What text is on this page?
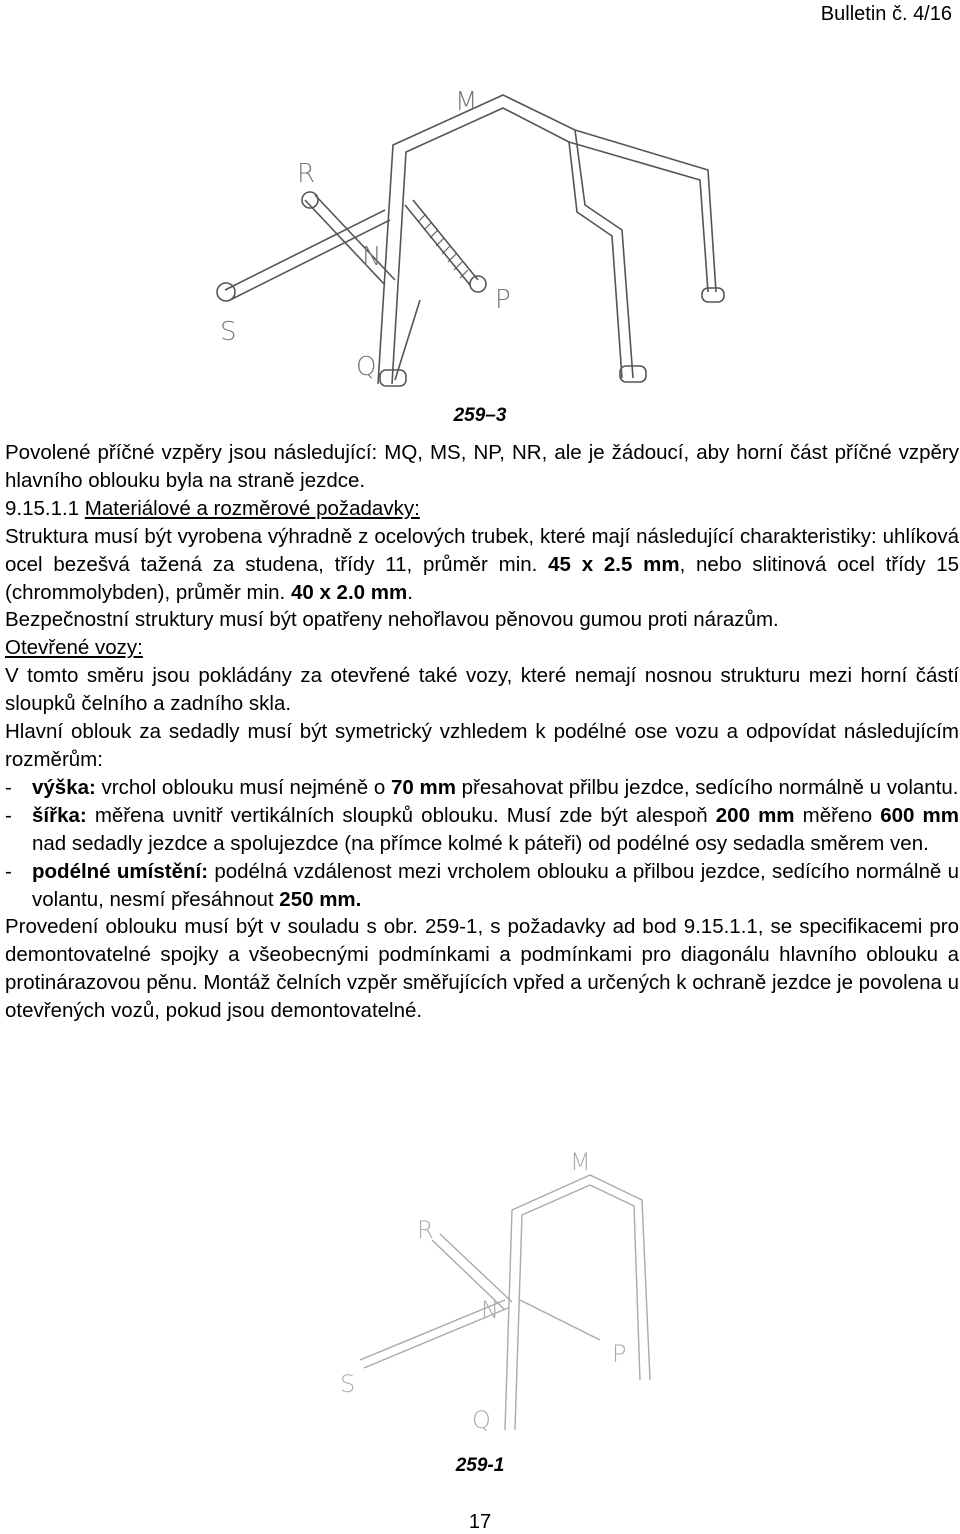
Bulletin č. 4/16
M
R
N
P
S
Q
259–3

Povolené příčné vzpěry jsou následující: MQ, MS, NP, NR, ale je žádoucí, aby horní část příčné vzpěry hlavního oblouku byla na straně jezdce.

9.15.1.1 Materiálové a rozměrové požadavky:

Struktura musí být vyrobena výhradně z ocelových trubek, které mají následující charakteristiky: uhlíková ocel bezešvá tažená za studena, třídy 11, průměr min. 45 x 2.5 mm, nebo slitinová ocel třídy 15 (chrommolybden), průměr min. 40 x 2.0 mm.

Bezpečnostní struktury musí být opatřeny nehořlavou pěnovou gumou proti nárazům.

Otevřené vozy:

V tomto směru jsou pokládány za otevřené také vozy, které nemají nosnou strukturu mezi horní částí sloupků čelního a zadního skla.

Hlavní oblouk za sedadly musí být symetrický vzhledem k podélné ose vozu a odpovídat následujícím rozměrům:

- výška: vrchol oblouku musí nejméně o 70 mm přesahovat přilbu jezdce, sedícího normálně u volantu.
- šířka: měřena uvnitř vertikálních sloupků oblouku. Musí zde být alespoň 200 mm měřeno 600 mm nad sedadly jezdce a spolujezdce (na přímce kolmé k páteři) od podélné osy sedadla směrem ven.
- podélné umístění: podélná vzdálenost mezi vrcholem oblouku a přilbou jezdce, sedícího normálně u volantu, nesmí přesáhnout 250 mm.

Provedení oblouku musí být v souladu s obr. 259-1, s požadavky ad bod 9.15.1.1, se specifikacemi pro demontovatelné spojky a všeobecnými podmínkami a podmínkami pro diagonálu hlavního oblouku a protinárazovou pěnu. Montáž čelních vzpěr směřujících vpřed a určených k ochraně jezdce je povolena u otevřených vozů, pokud jsou demontovatelné.

M
R
N
P
S
Q
259-1
17
